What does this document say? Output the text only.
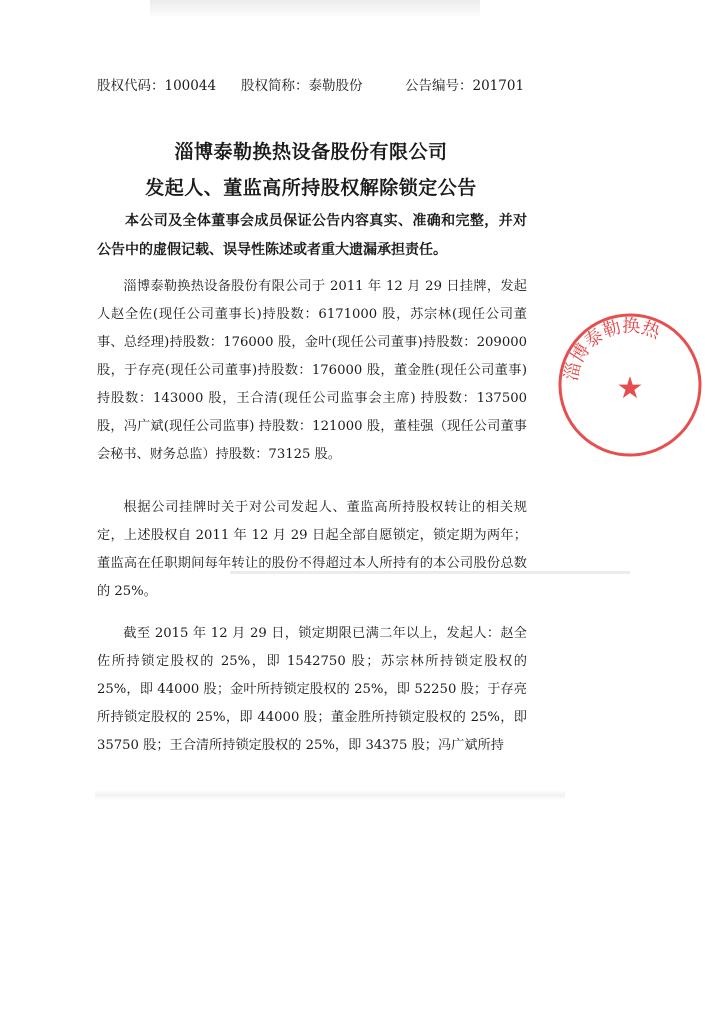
股权代码：100044 股权简称：泰勒股份	公告编号：201701
淄博泰勒换热设备股份有限公司
发起人、董监高所持股权解除锁定公告

本公司及全体董事会成员保证公告内容真实、准确和完整，并对公告中的虚假记载、误导性陈述或者重大遗漏承担责任。

淄博泰勒换热设备股份有限公司于 2011 年 12 月 29 日挂牌，发起人赵全佐(现任公司董事长)持股数：6171000 股，苏宗林(现任公司董事、总经理)持股数：176000 股，金叶(现任公司董事)持股数：209000 股，于存亮(现任公司董事)持股数：176000 股，董金胜(现任公司董事)持股数：143000 股，王合清(现任公司监事会主席) 持股数：137500 股，冯广斌(现任公司监事) 持股数：121000 股，董桂强（现任公司董事会秘书、财务总监）持股数：73125 股。

根据公司挂牌时关于对公司发起人、董监高所持股权转让的相关规定，上述股权自 2011 年 12 月 29 日起全部自愿锁定，锁定期为两年；董监高在任职期间每年转让的股份不得超过本人所持有的本公司股份总数的 25%。

截至 2015 年 12 月 29 日，锁定期限已满二年以上，发起人：赵全佐所持锁定股权的 25%，即 1542750 股；苏宗林所持锁定股权的 25%，即 44000 股；金叶所持锁定股权的 25%，即 52250 股；于存亮所持锁定股权的 25%，即 44000 股；董金胜所持锁定股权的 25%，即 35750 股；王合清所持锁定股权的 25%，即 34375 股；冯广斌所持

淄博泰勒换热
★
